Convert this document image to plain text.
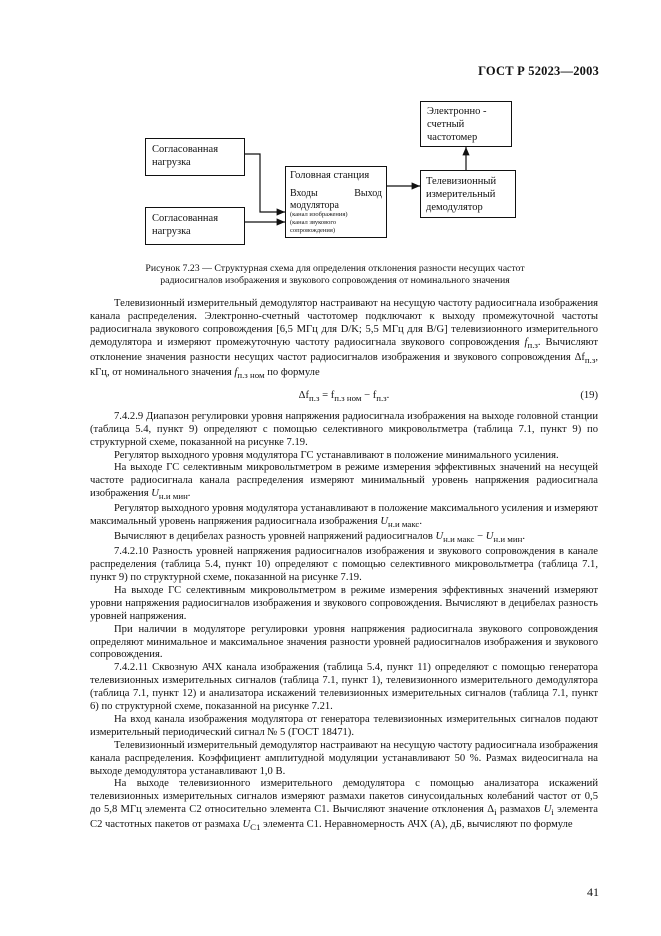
ГОСТ Р 52023—2003
Согласованная
нагрузка
Согласованная
нагрузка
Головная станция
Входы	Выход
модулятора
(канал изображения)
(канал звукового
сопровождения)
Электронно -
счетный
частотомер
Телевизионный
измерительный
демодулятор
Рисунок 7.23 — Структурная схема для определения отклонения разности несущих частот
радиосигналов изображения и звукового сопровождения от номинального значения

Телевизионный измерительный демодулятор настраивают на несущую частоту радиосигнала изображения канала распределения. Электронно-счетный частотомер подключают к выходу промежуточной частоты радиосигнала звукового сопровождения [6,5 МГц для D/K; 5,5 МГц для B/G] телевизионного измерительного демодулятора и измеряют промежуточную частоту радиосигнала звукового сопровождения $f_{п.з}$. Вычисляют отклонение значения разности несущих частот радиосигналов изображения и звукового сопровождения $\Delta f_{п.з}$, кГц, от номинального значения $f_{п.з ном}$ по формуле

$\Delta f_{п.з} = f_{п.з ном} - f_{п.з}$.	(19)

7.4.2.9 Диапазон регулировки уровня напряжения радиосигнала изображения на выходе головной станции (таблица 5.4, пункт 9) определяют с помощью селективного микровольтметра (таблица 7.1, пункт 9) по структурной схеме, показанной на рисунке 7.19.

Регулятор выходного уровня модулятора ГС устанавливают в положение минимального усиления.

На выходе ГС селективным микровольтметром в режиме измерения эффективных значений на несущей частоте радиосигнала канала распределения измеряют минимальный уровень напряжения радиосигнала изображения $U_{н.и мин}$.

Регулятор выходного уровня модулятора устанавливают в положение максимального усиления и измеряют максимальный уровень напряжения радиосигнала изображения $U_{н.и макс}$.

Вычисляют в децибелах разность уровней напряжений радиосигналов $U_{н.и макс} - U_{н.и мин}$.

7.4.2.10 Разность уровней напряжения радиосигналов изображения и звукового сопровождения в канале распределения (таблица 5.4, пункт 10) определяют с помощью селективного микровольтметра (таблица 7.1, пункт 9) по структурной схеме, показанной на рисунке 7.19.

На выходе ГС селективным микровольтметром в режиме измерения эффективных значений измеряют уровни напряжения радиосигналов изображения и звукового сопровождения. Вычисляют в децибелах разность уровней напряжения.

При наличии в модуляторе регулировки уровня напряжения радиосигнала звукового сопровождения определяют минимальное и максимальное значения разности уровней радиосигналов изображения и звукового сопровождения.

7.4.2.11 Сквозную АЧХ канала изображения (таблица 5.4, пункт 11) определяют с помощью генератора телевизионных измерительных сигналов (таблица 7.1, пункт 1), телевизионного измерительного демодулятора (таблица 7.1, пункт 12) и анализатора искажений телевизионных измерительных сигналов (таблица 7.1, пункт 6) по структурной схеме, показанной на рисунке 7.21.

На вход канала изображения модулятора от генератора телевизионных измерительных сигналов подают измерительный периодический сигнал № 5 (ГОСТ 18471).

Телевизионный измерительный демодулятор настраивают на несущую частоту радиосигнала изображения канала распределения. Коэффициент амплитудной модуляции устанавливают 50 %. Размах видеосигнала на выходе демодулятора устанавливают 1,0 В.

На выходе телевизионного измерительного демодулятора с помощью анализатора искажений телевизионных измерительных сигналов измеряют размахи пакетов синусоидальных колебаний частот от 0,5 до 5,8 МГц элемента С2 относительно элемента С1. Вычисляют значение отклонения $\Delta_i$ размахов $U_i$ элемента С2 частотных пакетов от размаха $U_{C1}$ элемента С1. Неравномерность АЧХ (А), дБ, вычисляют по формуле

41
